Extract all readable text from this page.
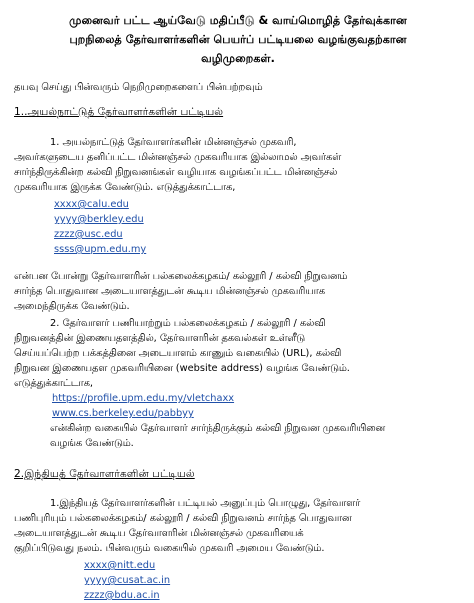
முனைவர் பட்ட ஆய்வேடு மதிப்பீடு & வாய்மொழித் தேர்வுக்கான
புறநிலைத் தேர்வாளர்களின் பெயர்ப் பட்டியலை வழங்குவதற்கான
வழிமுறைகள்.
தயவு செய்து பின்வரும் நெறிமுறைகளைப் பின்பற்றவும்
1..அயல்நாட்டுத் தேர்வாளர்களின் பட்டியல்
1. அயல்நாட்டுத் தேர்வாளர்களின் மின்னஞ்சல் முகவரி,
அவர்களுடைய தனிப்பட்ட மின்னஞ்சல் முகவரியாக இல்லாமல் அவர்கள்
சார்ந்திருக்கின்ற கல்வி நிறுவனங்கள் வழியாக வழங்கப்பட்ட மின்னஞ்சல்
முகவரியாக இருக்க வேண்டும். எடுத்துக்காட்டாக,
xxxx@calu.edu
yyyy@berkley.edu
zzzz@usc.edu
ssss@upm.edu.my
என்பன போன்று தேர்வாளரின் பல்கலைக்கழகம்/ கல்லூரி / கல்வி நிறுவனம்
சார்ந்த பொதுவான அடையாளத்துடன் கூடிய மின்னஞ்சல் முகவரியாக
அமைந்திருக்க வேண்டும்.
2. தேர்வாளர் பணியாற்றும் பல்கலைக்கழகம் / கல்லூரி / கல்வி
நிறுவனத்தின் இணையதளத்தில், தேர்வாளரின் தகவல்கள் உள்ளீடு
செய்யப்பெற்ற பக்கத்தினை அடையாளம் காணும் வகையில் (URL), கல்வி
நிறுவன இணையதள முகவரியினை (website address) வழங்க வேண்டும்.
எடுத்துக்காட்டாக,
https://profile.upm.edu.my/vletchaxx
www.cs.berkeley.edu/pabbyy
என்கின்ற வகையில் தேர்வாளர் சார்ந்திருக்கும் கல்வி நிறுவன முகவரியினை
வழங்க வேண்டும்.
2.இந்தியத் தேர்வாளர்களின் பட்டியல்
1.இந்தியத் தேர்வாளர்களின் பட்டியல் அனுப்பும் பொழுது, தேர்வாளர்
பணிபுரியும் பல்கலைக்கழகம்/ கல்லூரி / கல்வி நிறுவனம் சார்ந்த பொதுவான
அடையாளத்துடன் கூடிய தேர்வாளரின் மின்னஞ்சல் முகவரியைக்
குறிப்பிடுவது நலம். பின்வரும் வகையில் முகவரி அமைய வேண்டும்.
xxxx@nitt.edu
yyyy@cusat.ac.in
zzzz@bdu.ac.in
